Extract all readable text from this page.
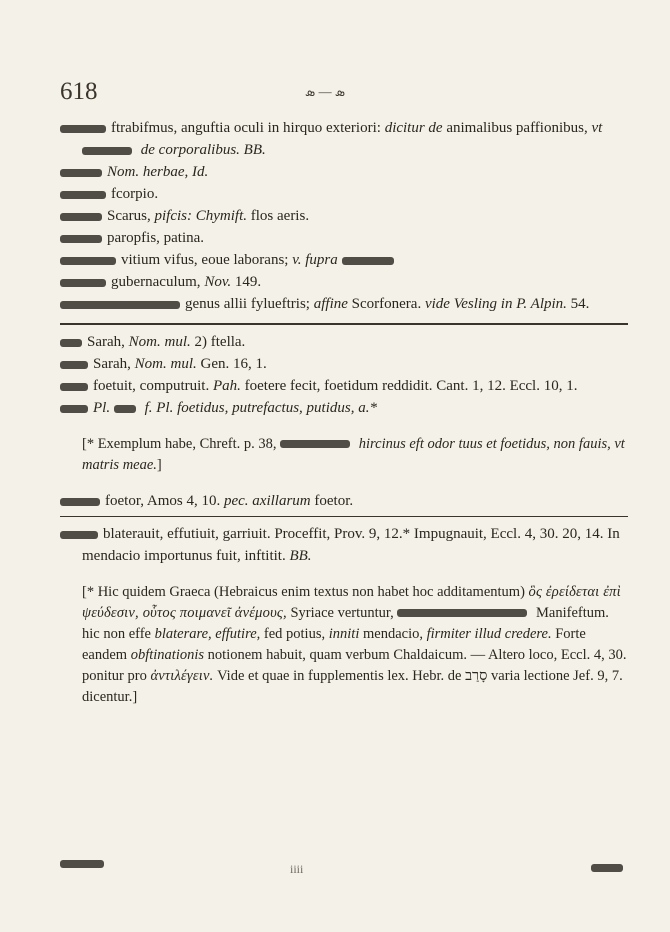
618	ܣ — ܣ

ftrabifmus, anguftia oculi in hirquo exteriori: dicitur de animalibus paffionibus, vt  de corporalibus. BB.

Nom. herbae, Id.

fcorpio.

Scarus, pifcis: Chymift. flos aeris.

paropfis, patina.

vitium vifus, eoue laborans; v. fupra

gubernaculum, Nov. 149.

genus allii fylueftris; affine Scorfonera. vide Vesling in P. Alpin. 54.

Sarah, Nom. mul. 2) ftella.

Sarah, Nom. mul. Gen. 16, 1.

foetuit, computruit. Pah. foetere fecit, foetidum reddidit. Cant. 1, 12. Eccl. 10, 1.

Pl. f. Pl. foetidus, putrefactus, putidus, a.*

[* Exemplum habe, Chreft. p. 38,	hircinus eft odor tuus et foetidus, non fauis, vt matris meae.]

foetor, Amos 4, 10. pec. axillarum foetor.

blaterauit, effutiuit, garriuit. Proceffit, Prov. 9, 12.* Impugnauit, Eccl. 4, 30. 20, 14. In mendacio importunus fuit, inftitit. BB.

[* Hic quidem Graeca (Hebraicus enim textus non habet hoc additamentum) ὃς ἐρείδεται ἐπὶ ψεύδεσιν, οὗτος ποιμανεῖ ἀνέμους, Syriace vertuntur,	Manifeftum. hic non effe blaterare, effutire, fed potius, inniti mendacio, firmiter illud credere. Forte eandem obftinationis notionem habuit, quam verbum Chaldaicum. — Altero loco, Eccl. 4, 30. ponitur pro ἀντιλέγειν. Vide et quae in fupplementis lex. Hebr. de סָרַב varia lectione Jef. 9, 7. dicentur.]

iiii
